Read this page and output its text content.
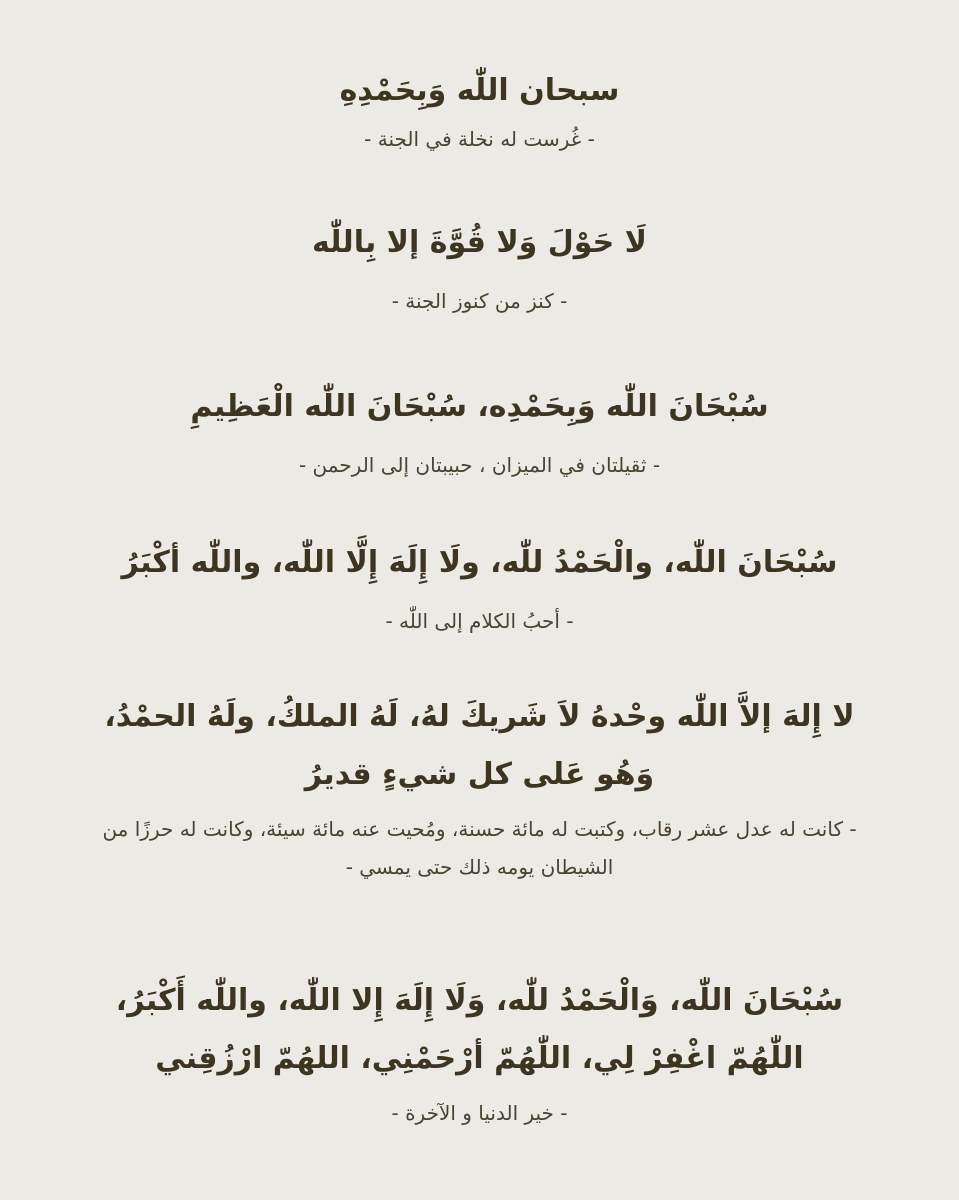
سبحان اللّٰه وَبِحَمْدِهِ

- غُرست له نخلة في الجنة -

لَا حَوْلَ وَلا قُوَّةَ إلا بِاللّٰه

- كنز من كنوز الجنة -

سُبْحَانَ اللّٰه وَبِحَمْدِه، سُبْحَانَ اللّٰه الْعَظِيمِ

- ثقيلتان في الميزان ، حبيبتان إلى الرحمن -

سُبْحَانَ اللّٰه، والْحَمْدُ للّٰه، ولَا إِلَهَ إِلَّا اللّٰه، واللّٰه أكْبَرُ

- أحبُ الكلام إلى اللّٰه -

لا إِلهَ إلاَّ اللّٰه وحْدهُ لاَ شَريكَ لهُ، لَهُ الملكُ، ولَهُ الحمْدُ، وَهُو عَلى كل شيءٍ قديرُ

- كانت له عدل عشر رقاب، وكتبت له مائة حسنة، ومُحيت عنه مائة سيئة، وكانت له حرزًا من الشيطان يومه ذلك حتى يمسي -

سُبْحَانَ اللّٰه، وَالْحَمْدُ للّٰه، وَلَا إِلَهَ إِلا اللّٰه، واللّٰه أَكْبَرُ، اللّٰهُمّ اغْفِرْ لِي، اللّٰهُمّ أرْحَمْنِي، اللهُمّ ارْزُقِني

- خير الدنيا و الآخرة -
